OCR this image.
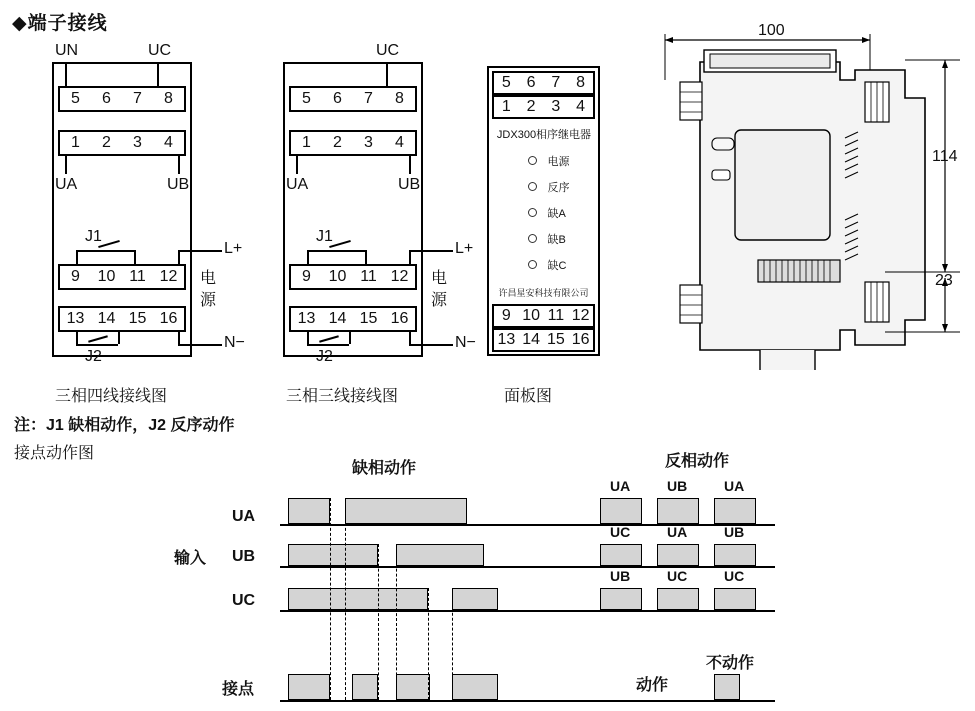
◆端子接线
UN	UC
5	6	7	8
1	2	3	4
UA	UB
J1
9	10 11 12
13 14 15 16
J2
L+
N−
电源
三相四线接线图
UC
5	6	7	8
1	2	3	4
UA	UB
J1
9	10 11 12
13 14 15 16
J2
L+
N−
电源
三相三线接线图
5 6 7 8
1 2 3 4
JDX300相序继电器
电源
反序
缺A
缺B
缺C
许昌星安科技有限公司
9 10 11 12
13 14 15 16
面板图
100
114
23
注：J1 缺相动作，J2 反序动作
接点动作图
缺相动作	反相动作
输入
UA
UA	UB	UA
UB
UC	UA	UB
UC
UB	UC	UC
接点	动作
不动作
